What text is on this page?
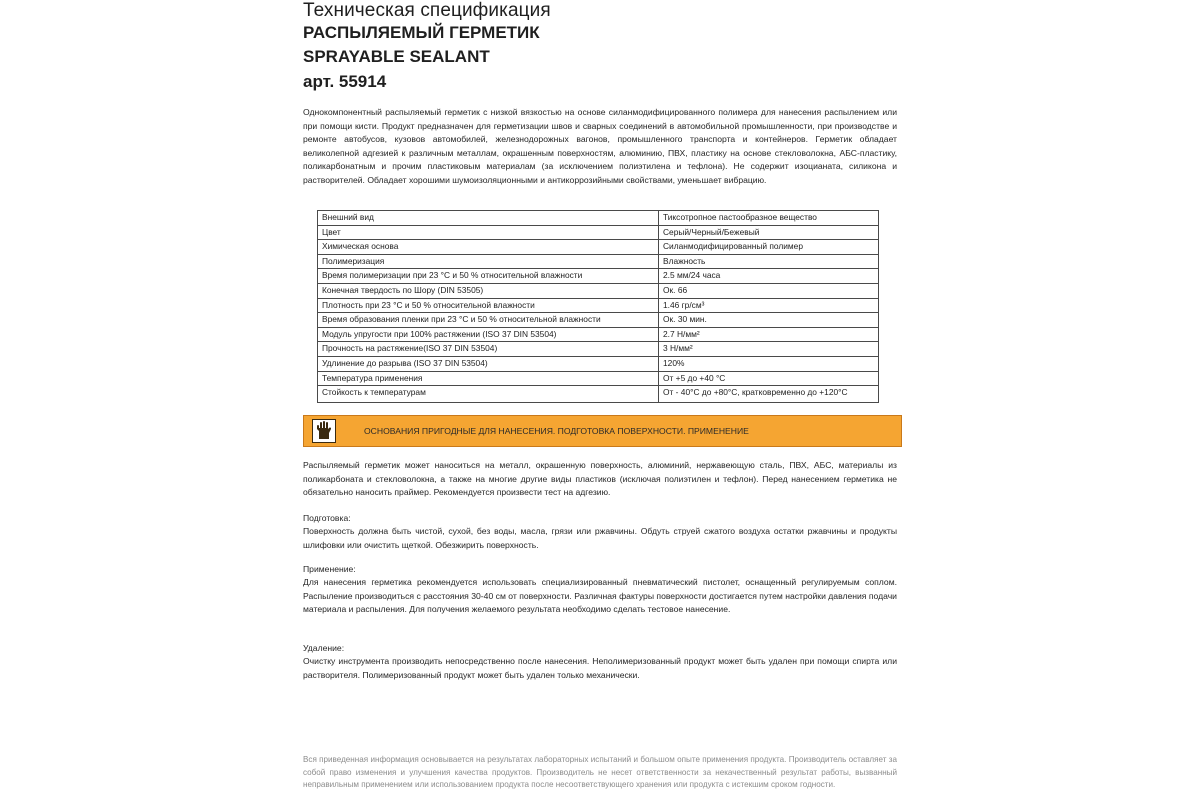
Техническая спецификация
РАСПЫЛЯЕМЫЙ ГЕРМЕТИК
SPRAYABLE SEALANT
арт. 55914

Однокомпонентный распыляемый герметик с низкой вязкостью на основе силанмодифицированного полимера для нанесения распылением или при помощи кисти. Продукт предназначен для герметизации швов и сварных соединений в автомобильной промышленности, при производстве и ремонте автобусов, кузовов автомобилей, железнодорожных вагонов, промышленного транспорта и контейнеров. Герметик обладает великолепной адгезией к различным металлам, окрашенным поверхностям, алюминию, ПВХ, пластику на основе стекловолокна, АБС-пластику, поликарбонатным и прочим пластиковым материалам (за исключением полиэтилена и тефлона). Не содержит изоцианата, силикона и растворителей. Обладает хорошими шумоизоляционными и антикоррозийными свойствами, уменьшает вибрацию.

Внешний вид	Тиксотропное пастообразное вещество
Цвет	Серый/Черный/Бежевый
Химическая основа	Силанмодифицированный полимер
Полимеризация	Влажность
Время полимеризации при 23 °C и 50 % относительной влажности	2.5 мм/24 часа
Конечная твердость по Шору (DIN 53505)	Ок. 66
Плотность при 23 °C и 50 % относительной влажности	1.46 гр/см³
Время образования пленки при 23 °C и 50 % относительной влажности	Ок. 30 мин.
Модуль упругости при 100% растяжении (ISO 37 DIN 53504)	2.7 Н/мм²
Прочность на растяжение(ISO 37 DIN 53504)	3 Н/мм²
Удлинение до разрыва (ISO 37 DIN 53504)	120%
Температура применения	От +5 до +40 °C
Стойкость к температурам	От - 40°C до +80°C, кратковременно до +120°C
ОСНОВАНИЯ ПРИГОДНЫЕ ДЛЯ НАНЕСЕНИЯ. ПОДГОТОВКА ПОВЕРХНОСТИ. ПРИМЕНЕНИЕ

Распыляемый герметик может наноситься на металл, окрашенную поверхность, алюминий, нержавеющую сталь, ПВХ, АБС, материалы из поликарбоната и стекловолокна, а также на многие другие виды пластиков (исключая полиэтилен и тефлон). Перед нанесением герметика не обязательно наносить праймер. Рекомендуется произвести тест на адгезию.

Подготовка:

Поверхность должна быть чистой, сухой, без воды, масла, грязи или ржавчины. Обдуть струей сжатого воздуха остатки ржавчины и продукты шлифовки или очистить щеткой. Обезжирить поверхность.

Применение:

Для нанесения герметика рекомендуется использовать специализированный пневматический пистолет, оснащенный регулируемым соплом. Распыление производиться с расстояния 30-40 см от поверхности. Различная фактуры поверхности достигается путем настройки давления подачи материала и распыления. Для получения желаемого результата необходимо сделать тестовое нанесение.

Удаление:

Очистку инструмента производить непосредственно после нанесения. Неполимеризованный продукт может быть удален при помощи спирта или растворителя. Полимеризованный продукт может быть удален только механически.

Вся приведенная информация основывается на результатах лабораторных испытаний и большом опыте применения продукта. Производитель оставляет за собой право изменения и улучшения качества продуктов. Производитель не несет ответственности за некачественный результат работы, вызванный неправильным применением или использованием продукта после несоответствующего хранения или продукта с истекшим сроком годности.
